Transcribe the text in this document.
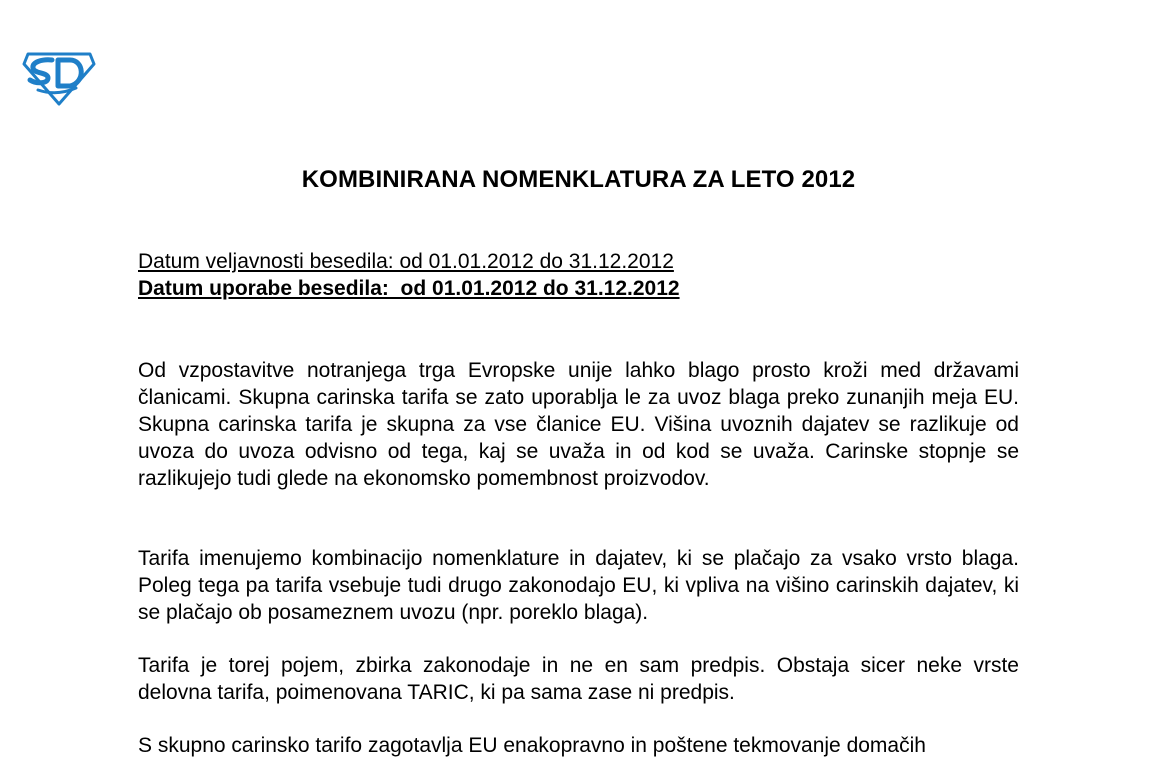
KOMBINIRANA NOMENKLATURA ZA LETO 2012
Datum veljavnosti besedila: od 01.01.2012 do 31.12.2012
Datum uporabe besedila:  od 01.01.2012 do 31.12.2012
Od vzpostavitve notranjega trga Evropske unije lahko blago prosto kroži med državami članicami. Skupna carinska tarifa se zato uporablja le za uvoz blaga preko zunanjih meja EU. Skupna carinska tarifa je skupna za vse članice EU. Višina uvoznih dajatev se razlikuje od uvoza do uvoza odvisno od tega, kaj se uvaža in od kod se uvaža. Carinske stopnje se razlikujejo tudi glede na ekonomsko pomembnost proizvodov.
Tarifa imenujemo kombinacijo nomenklature in dajatev, ki se plačajo za vsako vrsto blaga. Poleg tega pa tarifa vsebuje tudi drugo zakonodajo EU, ki vpliva na višino carinskih dajatev, ki se plačajo ob posameznem uvozu (npr. poreklo blaga).
Tarifa je torej pojem, zbirka zakonodaje in ne en sam predpis. Obstaja sicer neke vrste delovna tarifa, poimenovana TARIC, ki pa sama zase ni predpis.
S skupno carinsko tarifo zagotavlja EU enakopravno in poštene tekmovanje domačih
